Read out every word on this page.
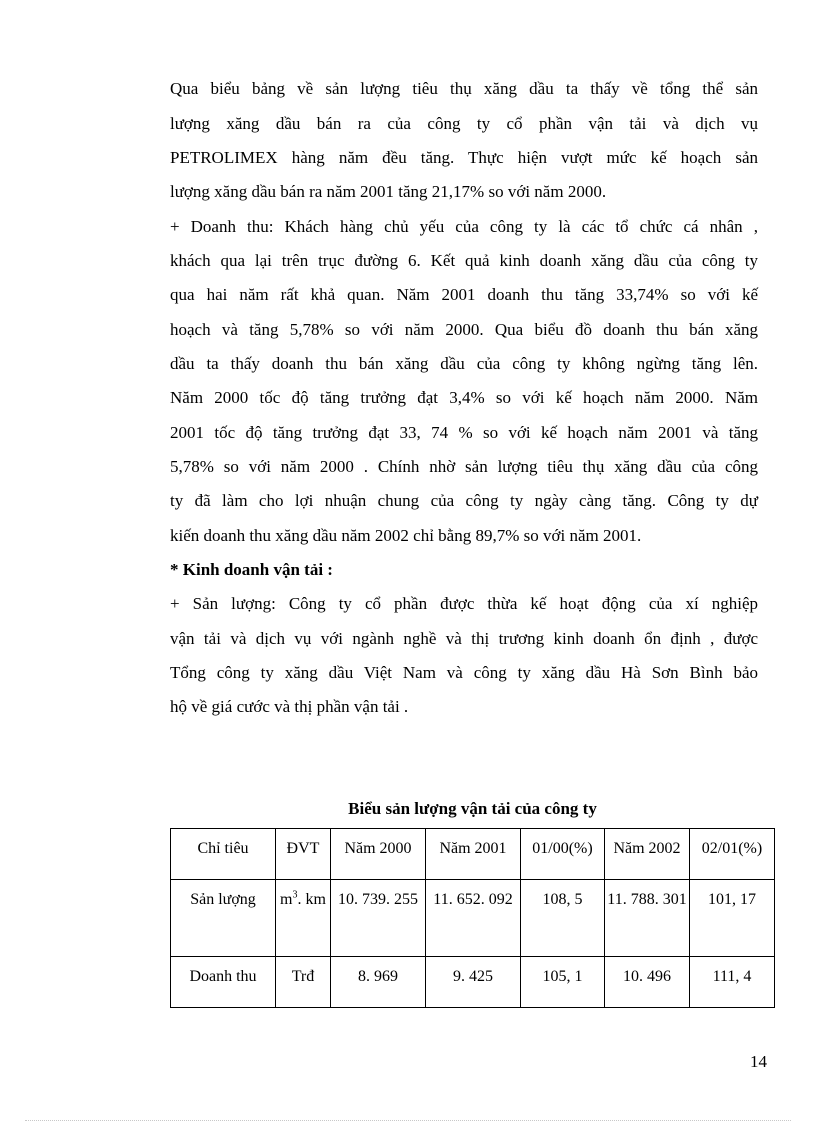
Qua biểu bảng về sản lượng tiêu thụ xăng dầu ta thấy về tổng thể sản
lượng xăng dầu bán ra của công ty cổ phần vận tải và dịch vụ
PETROLIMEX hàng năm đều tăng. Thực hiện vượt mức kế hoạch sản
lượng xăng dầu bán ra năm 2001 tăng 21,17% so với năm 2000.
+ Doanh thu: Khách hàng chủ yếu của công ty là các tổ chức cá nhân ,
khách qua lại trên trục đường 6. Kết quả kinh doanh xăng dầu của công ty
qua hai năm rất khả quan. Năm 2001 doanh thu tăng 33,74% so với kế
hoạch và tăng 5,78% so với năm 2000. Qua biểu đồ doanh thu bán xăng
dầu ta thấy doanh thu bán xăng dầu của công ty không ngừng tăng lên.
Năm 2000 tốc độ tăng trưởng đạt 3,4% so với kế hoạch năm 2000. Năm
2001 tốc độ tăng trưởng đạt 33, 74 % so với kế hoạch năm 2001 và tăng
5,78% so với năm 2000 . Chính nhờ sản lượng tiêu thụ xăng dầu của công
ty đã làm cho lợi nhuận chung của công ty ngày càng tăng. Công ty dự
kiến doanh thu xăng dầu năm 2002 chỉ bằng 89,7% so với năm 2001.
* Kinh doanh vận tải :
+ Sản lượng: Công ty cổ phần được thừa kế hoạt động của xí nghiệp
vận tải và dịch vụ với ngành nghề và thị trương kinh doanh ổn định , được
Tổng công ty xăng dầu Việt Nam và công ty xăng dầu Hà Sơn Bình bảo
hộ về giá cước và thị phần vận tải .
Biểu sản lượng vận tải của công ty
Chỉ tiêu	ĐVT	Năm 2000	Năm 2001	01/00(%)	Năm 2002	02/01(%)
Sản lượng	$m^3$. km	10. 739. 255	11. 652. 092	108, 5	11. 788. 301	101, 17
Doanh thu	Trđ	8. 969	9. 425	105, 1	10. 496	111, 4
14
